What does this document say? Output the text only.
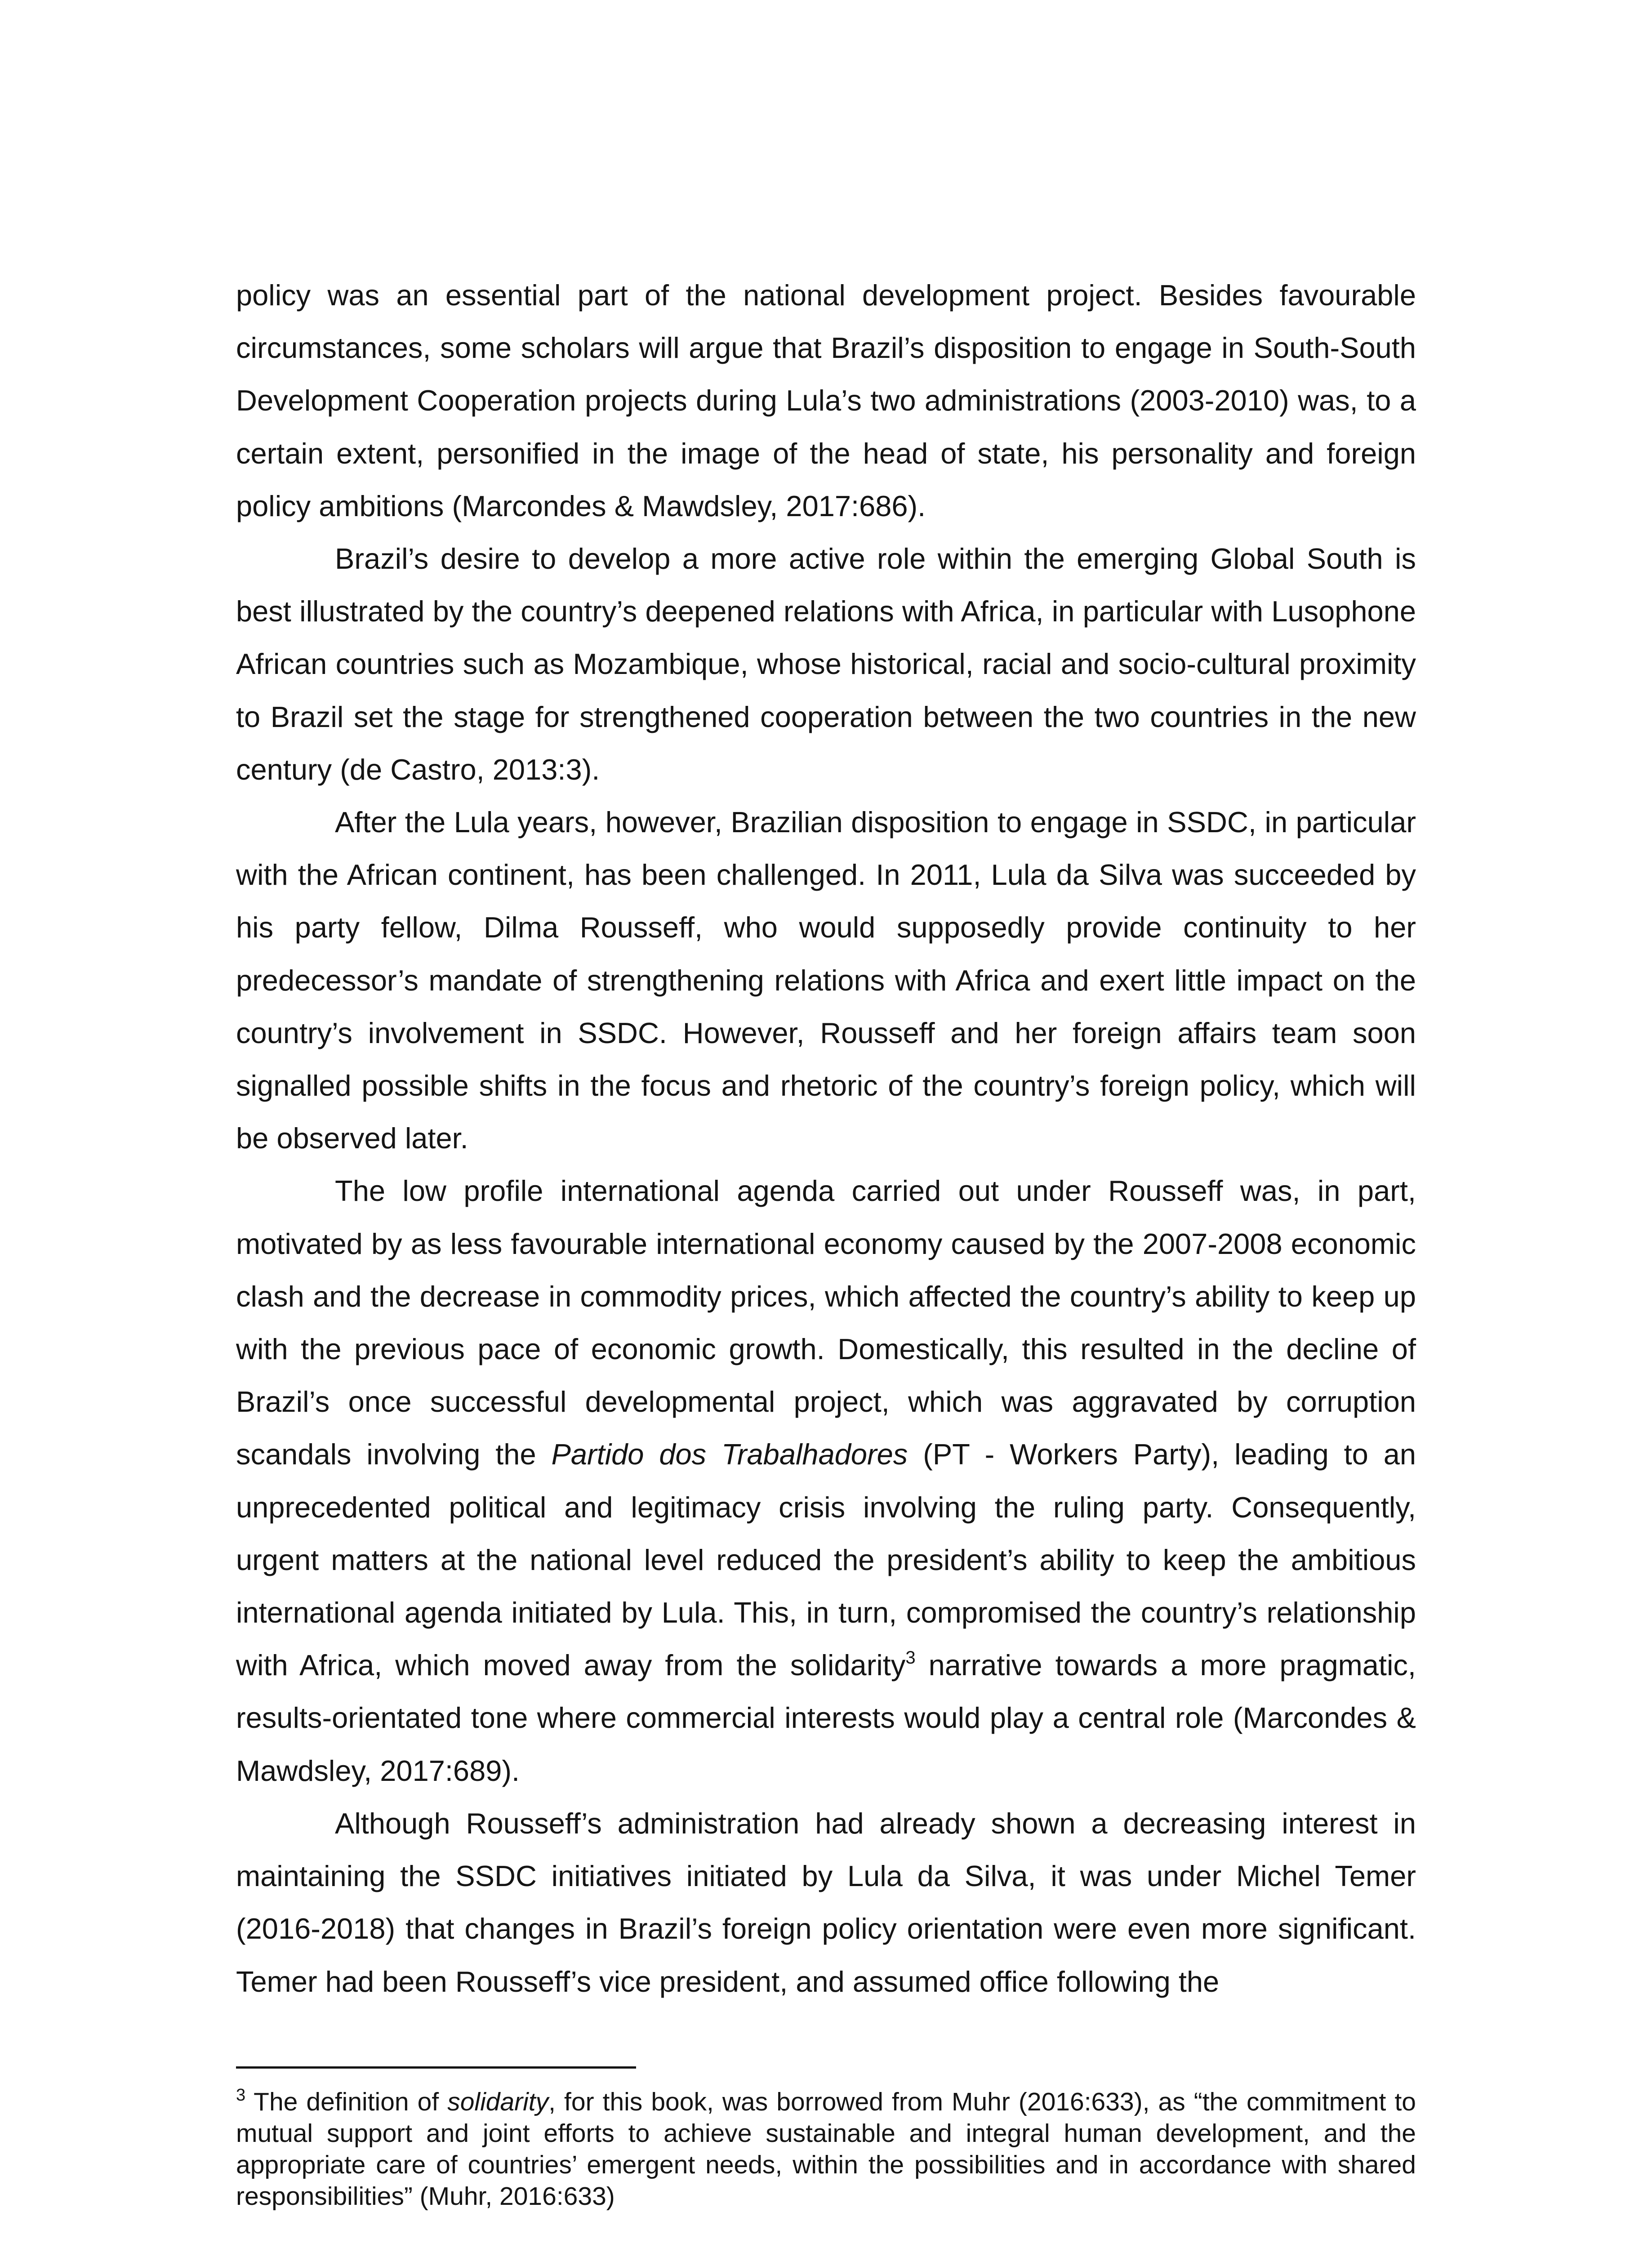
policy was an essential part of the national development project. Besides favourable circumstances, some scholars will argue that Brazil’s disposition to engage in South-South Development Cooperation projects during Lula’s two administrations (2003-2010) was, to a certain extent, personified in the image of the head of state, his personality and foreign policy ambitions (Marcondes & Mawdsley, 2017:686).

Brazil’s desire to develop a more active role within the emerging Global South is best illustrated by the country’s deepened relations with Africa, in particular with Lusophone African countries such as Mozambique, whose historical, racial and socio-cultural proximity to Brazil set the stage for strengthened cooperation between the two countries in the new century (de Castro, 2013:3).

After the Lula years, however, Brazilian disposition to engage in SSDC, in particular with the African continent, has been challenged. In 2011, Lula da Silva was succeeded by his party fellow, Dilma Rousseff, who would supposedly provide continuity to her predecessor’s mandate of strengthening relations with Africa and exert little impact on the country’s involvement in SSDC. However, Rousseff and her foreign affairs team soon signalled possible shifts in the focus and rhetoric of the country’s foreign policy, which will be observed later.

The low profile international agenda carried out under Rousseff was, in part, motivated by as less favourable international economy caused by the 2007-2008 economic clash and the decrease in commodity prices, which affected the country’s ability to keep up with the previous pace of economic growth. Domestically, this resulted in the decline of Brazil’s once successful developmental project, which was aggravated by corruption scandals involving the Partido dos Trabalhadores (PT - Workers Party), leading to an unprecedented political and legitimacy crisis involving the ruling party. Consequently, urgent matters at the national level reduced the president’s ability to keep the ambitious international agenda initiated by Lula. This, in turn, compromised the country’s relationship with Africa, which moved away from the solidarity$^3$ narrative towards a more pragmatic, results-orientated tone where commercial interests would play a central role (Marcondes & Mawdsley, 2017:689).

Although Rousseff’s administration had already shown a decreasing interest in maintaining the SSDC initiatives initiated by Lula da Silva, it was under Michel Temer (2016-2018) that changes in Brazil’s foreign policy orientation were even more significant. Temer had been Rousseff’s vice president, and assumed office following the

$^3$ The definition of solidarity, for this book, was borrowed from Muhr (2016:633), as “the commitment to mutual support and joint efforts to achieve sustainable and integral human development, and the appropriate care of countries’ emergent needs, within the possibilities and in accordance with shared responsibilities” (Muhr, 2016:633)
